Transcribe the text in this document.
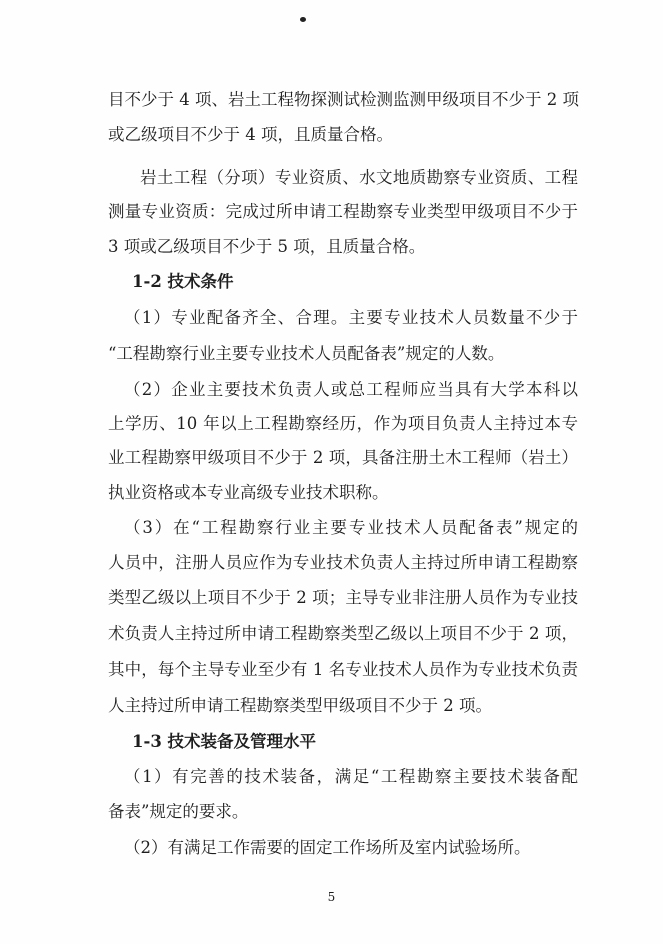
目不少于 4 项、岩土工程物探测试检测监测甲级项目不少于 2 项
或乙级项目不少于 4 项，且质量合格。
岩土工程（分项）专业资质、水文地质勘察专业资质、工程
测量专业资质：完成过所申请工程勘察专业类型甲级项目不少于
3 项或乙级项目不少于 5 项，且质量合格。
1-2 技术条件
（1）专业配备齐全、合理。主要专业技术人员数量不少于
“工程勘察行业主要专业技术人员配备表”规定的人数。
（2）企业主要技术负责人或总工程师应当具有大学本科以
上学历、10 年以上工程勘察经历，作为项目负责人主持过本专
业工程勘察甲级项目不少于 2 项，具备注册土木工程师（岩土）
执业资格或本专业高级专业技术职称。
（3）在“工程勘察行业主要专业技术人员配备表”规定的
人员中，注册人员应作为专业技术负责人主持过所申请工程勘察
类型乙级以上项目不少于 2 项；主导专业非注册人员作为专业技
术负责人主持过所申请工程勘察类型乙级以上项目不少于 2 项，
其中，每个主导专业至少有 1 名专业技术人员作为专业技术负责
人主持过所申请工程勘察类型甲级项目不少于 2 项。
1-3 技术装备及管理水平
（1）有完善的技术装备，满足“工程勘察主要技术装备配
备表”规定的要求。
（2）有满足工作需要的固定工作场所及室内试验场所。
5
